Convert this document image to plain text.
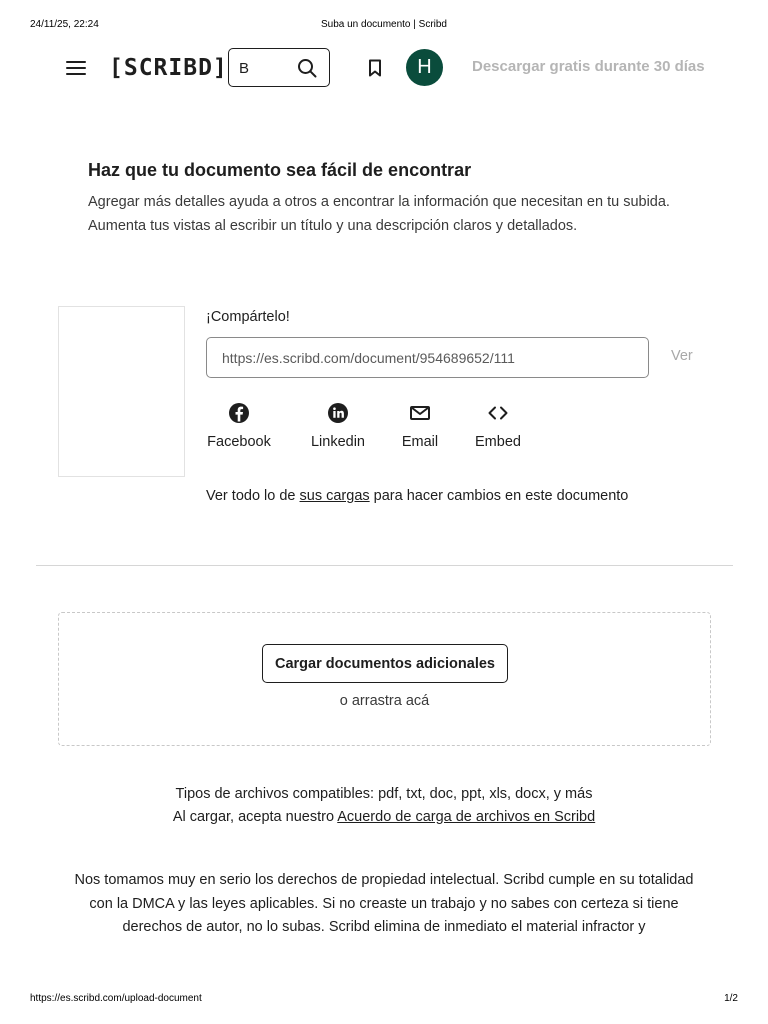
24/11/25, 22:24	Suba un documento | Scribd
[SCRIBD]
B	H	Descargar gratis durante 30 días
Haz que tu documento sea fácil de encontrar

Agregar más detalles ayuda a otros a encontrar la información que necesitan en tu subida. Aumenta tus vistas al escribir un título y una descripción claros y detallados.

¡Compártelo!
https://es.scribd.com/document/954689652/111
Ver
Facebook	Linkedin	Email	Embed
Ver todo lo de sus cargas para hacer cambios en este documento
Cargar documentos adicionales
o arrastra acá
Tipos de archivos compatibles: pdf, txt, doc, ppt, xls, docx, y más
Al cargar, acepta nuestro Acuerdo de carga de archivos en Scribd

Nos tomamos muy en serio los derechos de propiedad intelectual. Scribd cumple en su totalidad con la DMCA y las leyes aplicables. Si no creaste un trabajo y no sabes con certeza si tiene derechos de autor, no lo subas. Scribd elimina de inmediato el material infractor y

https://es.scribd.com/upload-document	1/2
